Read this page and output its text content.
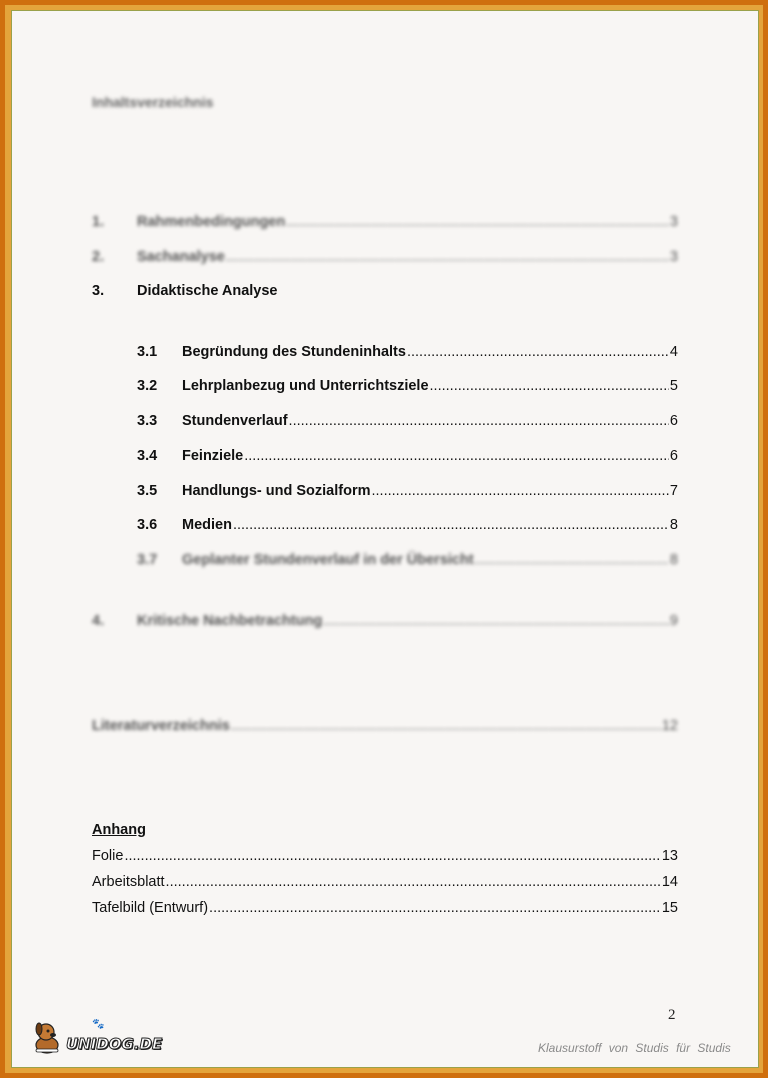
Inhaltsverzeichnis
1.	Rahmenbedingungen .....	3
2.	Sachanalyse .....	3
3.	Didaktische Analyse
3.1	Begründung des Stundeninhalts .....	4
3.2	Lehrplanbezug und Unterrichtsziele .....	5
3.3	Stundenverlauf .....	6
3.4	Feinziele .....	6
3.5	Handlungs- und Sozialform .....	7
3.6	Medien .....	8
3.7	Geplanter Stundenverlauf in der Übersicht .....	8
4.	Kritische Nachbetrachtung .....	9
Literaturverzeichnis .....	12
Anhang
Folie .....	13
Arbeitsblatt .....	14
Tafelbild (Entwurf) .....	15
2
🐾
UNIDOG.DE	Klausurstoff von Studis für Studis
